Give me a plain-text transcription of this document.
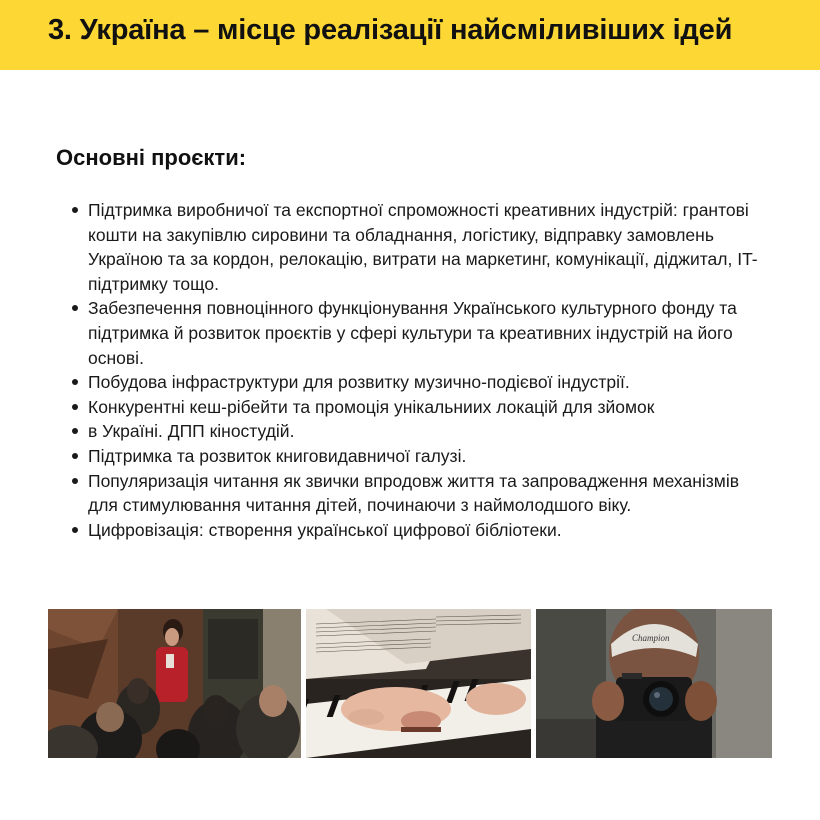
3. Україна – місце реалізації найсміливіших ідей
Основні проєкти:
Підтримка виробничої та експортної спроможності креативних індустрій: грантові кошти на закупівлю сировини та обладнання, логістику, відправку замовлень Україною та за кордон, релокацію, витрати на маркетинг, комунікації, діджитал, IT-підтримку тощо.
Забезпечення повноцінного функціонування Українського культурного фонду та підтримка й розвиток проєктів у сфері культури та креативних індустрій на його основі.
Побудова інфраструктури для розвитку музично-подієвої індустрії.
Конкурентні кеш-рібейти та промоція унікальниих локацій для зйомок
в Україні. ДПП кіностудій.
Підтримка та розвиток книговидавничої галузі.
Популяризація читання як звички впродовж життя та запровадження механізмів для стимулювання читання дітей, починаючи з наймолодшого віку.
Цифровізація: створення української цифрової бібліотеки.
Champion
